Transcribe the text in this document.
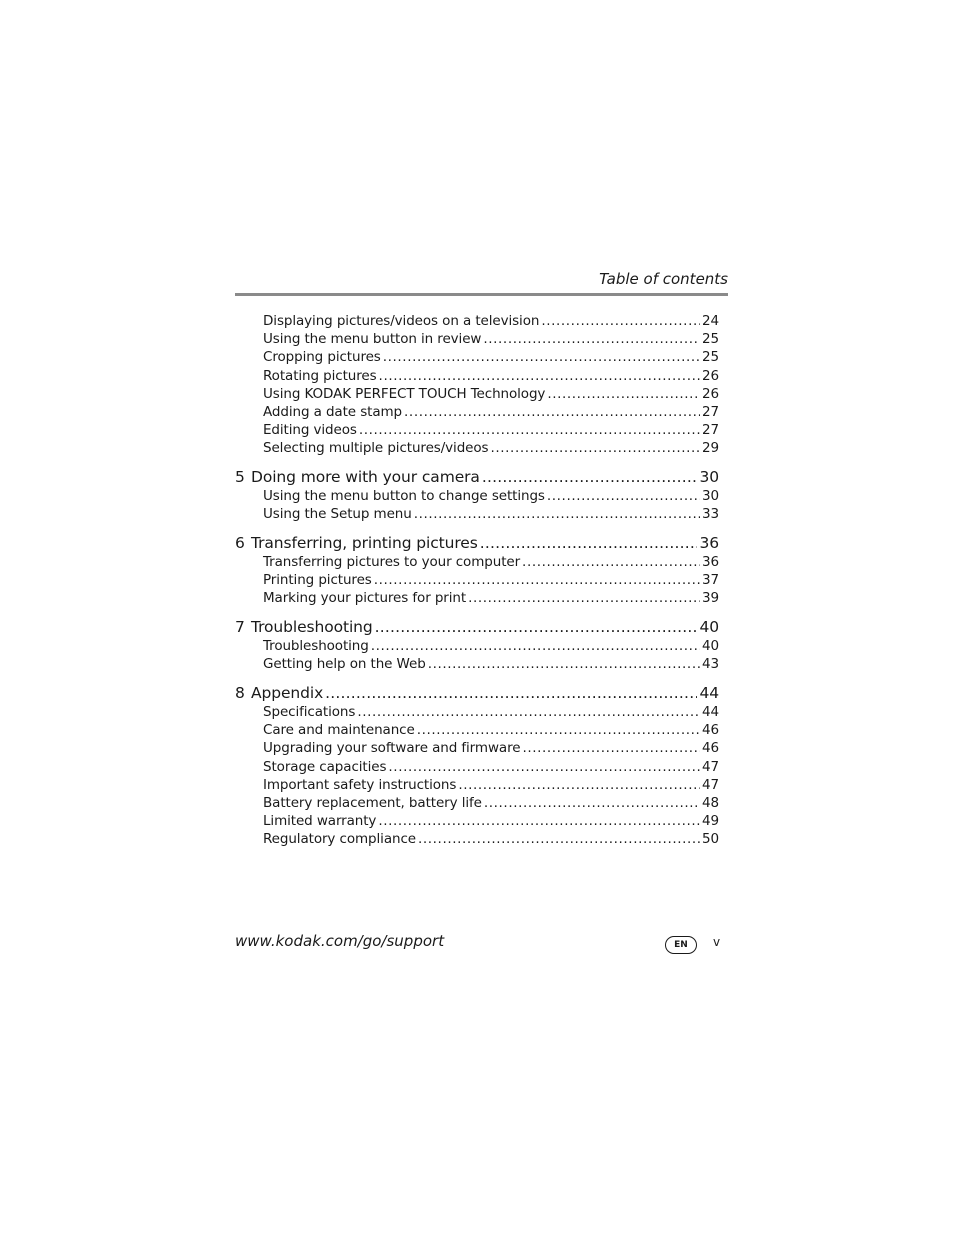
Table of contents
Displaying pictures/videos on a television .....	24
Using the menu button in review .....	25
Cropping pictures .....	25
Rotating pictures .....	26
Using KODAK PERFECT TOUCH Technology .....	26
Adding a date stamp .....	27
Editing videos .....	27
Selecting multiple pictures/videos .....	29
5 Doing more with your camera .....	30
Using the menu button to change settings .....	30
Using the Setup menu .....	33
6 Transferring, printing pictures .....	36
Transferring pictures to your computer .....	36
Printing pictures .....	37
Marking your pictures for print .....	39
7 Troubleshooting .....	40
Troubleshooting .....	40
Getting help on the Web .....	43
8 Appendix .....	44
Specifications .....	44
Care and maintenance .....	46
Upgrading your software and firmware .....	46
Storage capacities .....	47
Important safety instructions .....	47
Battery replacement, battery life .....	48
Limited warranty .....	49
Regulatory compliance .....	50
www.kodak.com/go/support	EN	v
